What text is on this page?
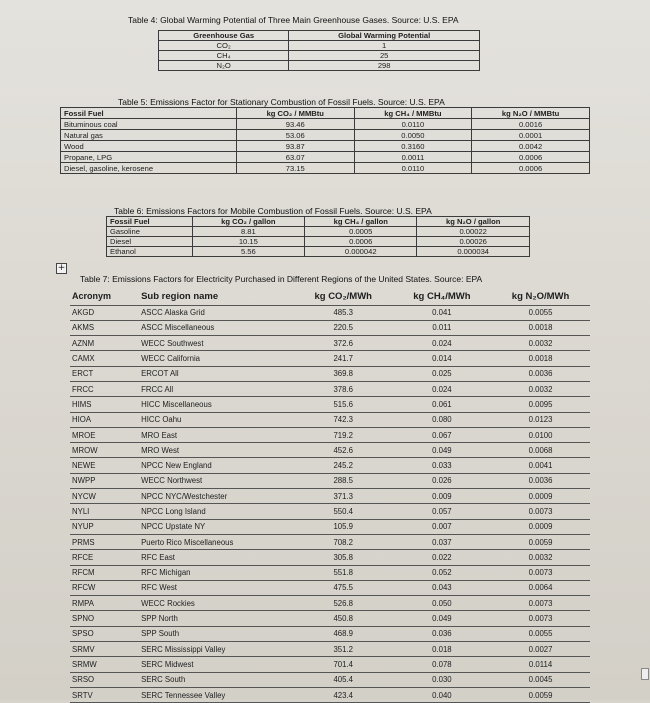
Table 4: Global Warming Potential of Three Main Greenhouse Gases. Source: U.S. EPA
Greenhouse Gas	Global Warming Potential
CO₂	1
CH₄	25
N₂O	298
Table 5: Emissions Factor for Stationary Combustion of Fossil Fuels. Source: U.S. EPA
Fossil Fuel	kg CO₂ / MMBtu	kg CH₄ / MMBtu	kg N₂O / MMBtu
Bituminous coal	93.46	0.0110	0.0016
Natural gas	53.06	0.0050	0.0001
Wood	93.87	0.3160	0.0042
Propane, LPG	63.07	0.0011	0.0006
Diesel, gasoline, kerosene	73.15	0.0110	0.0006
Table 6: Emissions Factors for Mobile Combustion of Fossil Fuels. Source: U.S. EPA
Fossil Fuel	kg CO₂ / gallon	kg CH₄ / gallon	kg N₂O / gallon
Gasoline	8.81	0.0005	0.00022
Diesel	10.15	0.0006	0.00026
Ethanol	5.56	0.000042	0.000034
+
Table 7: Emissions Factors for Electricity Purchased in Different Regions of the United States. Source: EPA
Acronym	Sub region name	kg CO₂/MWh	kg CH₄/MWh	kg N₂O/MWh
AKGD	ASCC Alaska Grid	485.3	0.041	0.0055
AKMS	ASCC Miscellaneous	220.5	0.011	0.0018
AZNM	WECC Southwest	372.6	0.024	0.0032
CAMX	WECC California	241.7	0.014	0.0018
ERCT	ERCOT All	369.8	0.025	0.0036
FRCC	FRCC All	378.6	0.024	0.0032
HIMS	HICC Miscellaneous	515.6	0.061	0.0095
HIOA	HICC Oahu	742.3	0.080	0.0123
MROE	MRO East	719.2	0.067	0.0100
MROW	MRO West	452.6	0.049	0.0068
NEWE	NPCC New England	245.2	0.033	0.0041
NWPP	WECC Northwest	288.5	0.026	0.0036
NYCW	NPCC NYC/Westchester	371.3	0.009	0.0009
NYLI	NPCC Long Island	550.4	0.057	0.0073
NYUP	NPCC Upstate NY	105.9	0.007	0.0009
PRMS	Puerto Rico Miscellaneous	708.2	0.037	0.0059
RFCE	RFC East	305.8	0.022	0.0032
RFCM	RFC Michigan	551.8	0.052	0.0073
RFCW	RFC West	475.5	0.043	0.0064
RMPA	WECC Rockies	526.8	0.050	0.0073
SPNO	SPP North	450.8	0.049	0.0073
SPSO	SPP South	468.9	0.036	0.0055
SRMV	SERC Mississippi Valley	351.2	0.018	0.0027
SRMW	SERC Midwest	701.4	0.078	0.0114
SRSO	SERC South	405.4	0.030	0.0045
SRTV	SERC Tennessee Valley	423.4	0.040	0.0059
